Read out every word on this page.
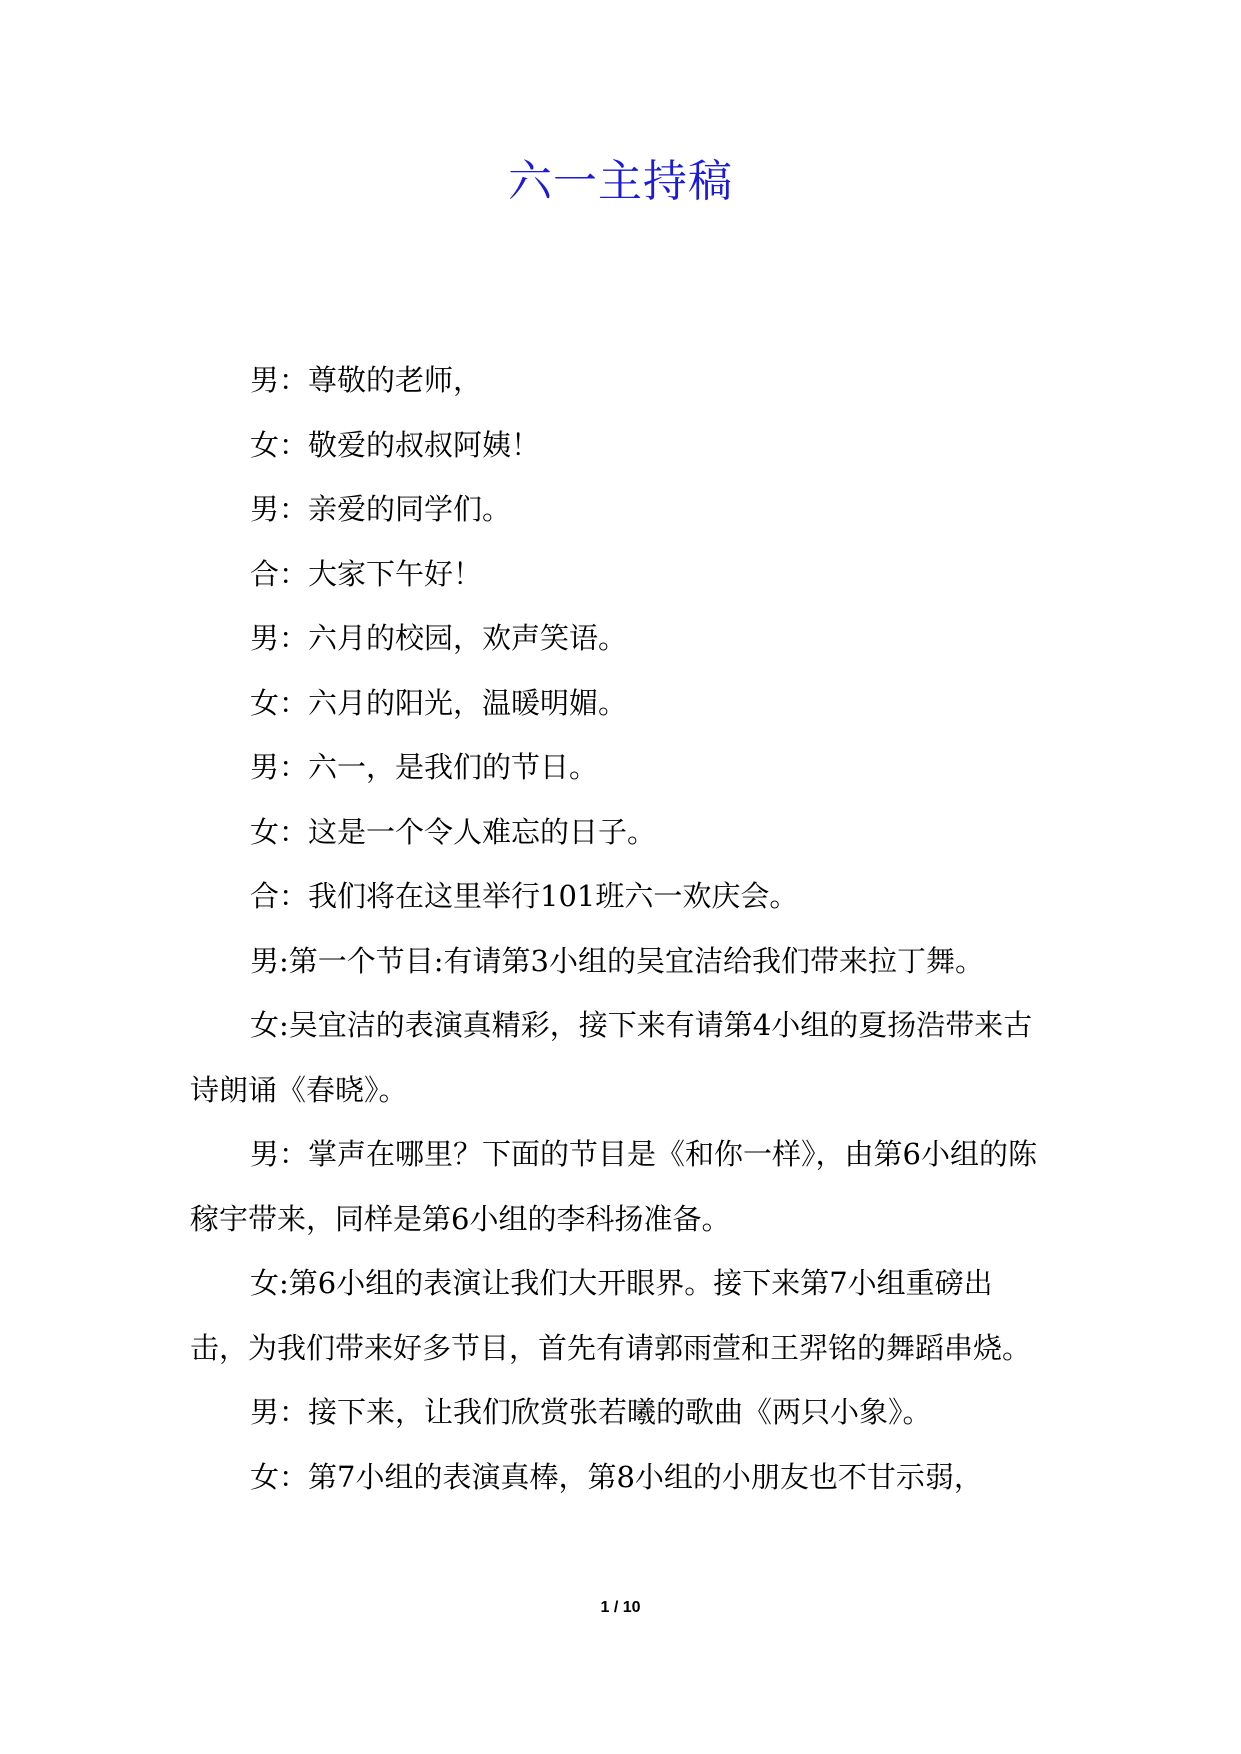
六一主持稿

男：尊敬的老师，

女：敬爱的叔叔阿姨！

男：亲爱的同学们。

合：大家下午好！

男：六月的校园，欢声笑语。

女：六月的阳光，温暖明媚。

男：六一，是我们的节日。

女：这是一个令人难忘的日子。

合：我们将在这里举行101班六一欢庆会。

男:第一个节目:有请第3小组的吴宜洁给我们带来拉丁舞。

女:吴宜洁的表演真精彩，接下来有请第4小组的夏扬浩带来古诗朗诵《春晓》。

男：掌声在哪里？下面的节目是《和你一样》，由第6小组的陈稼宇带来，同样是第6小组的李科扬准备。

女:第6小组的表演让我们大开眼界。接下来第7小组重磅出击，为我们带来好多节目，首先有请郭雨萱和王羿铭的舞蹈串烧。

男：接下来，让我们欣赏张若曦的歌曲《两只小象》。

女：第7小组的表演真棒，第8小组的小朋友也不甘示弱，

1 / 10
